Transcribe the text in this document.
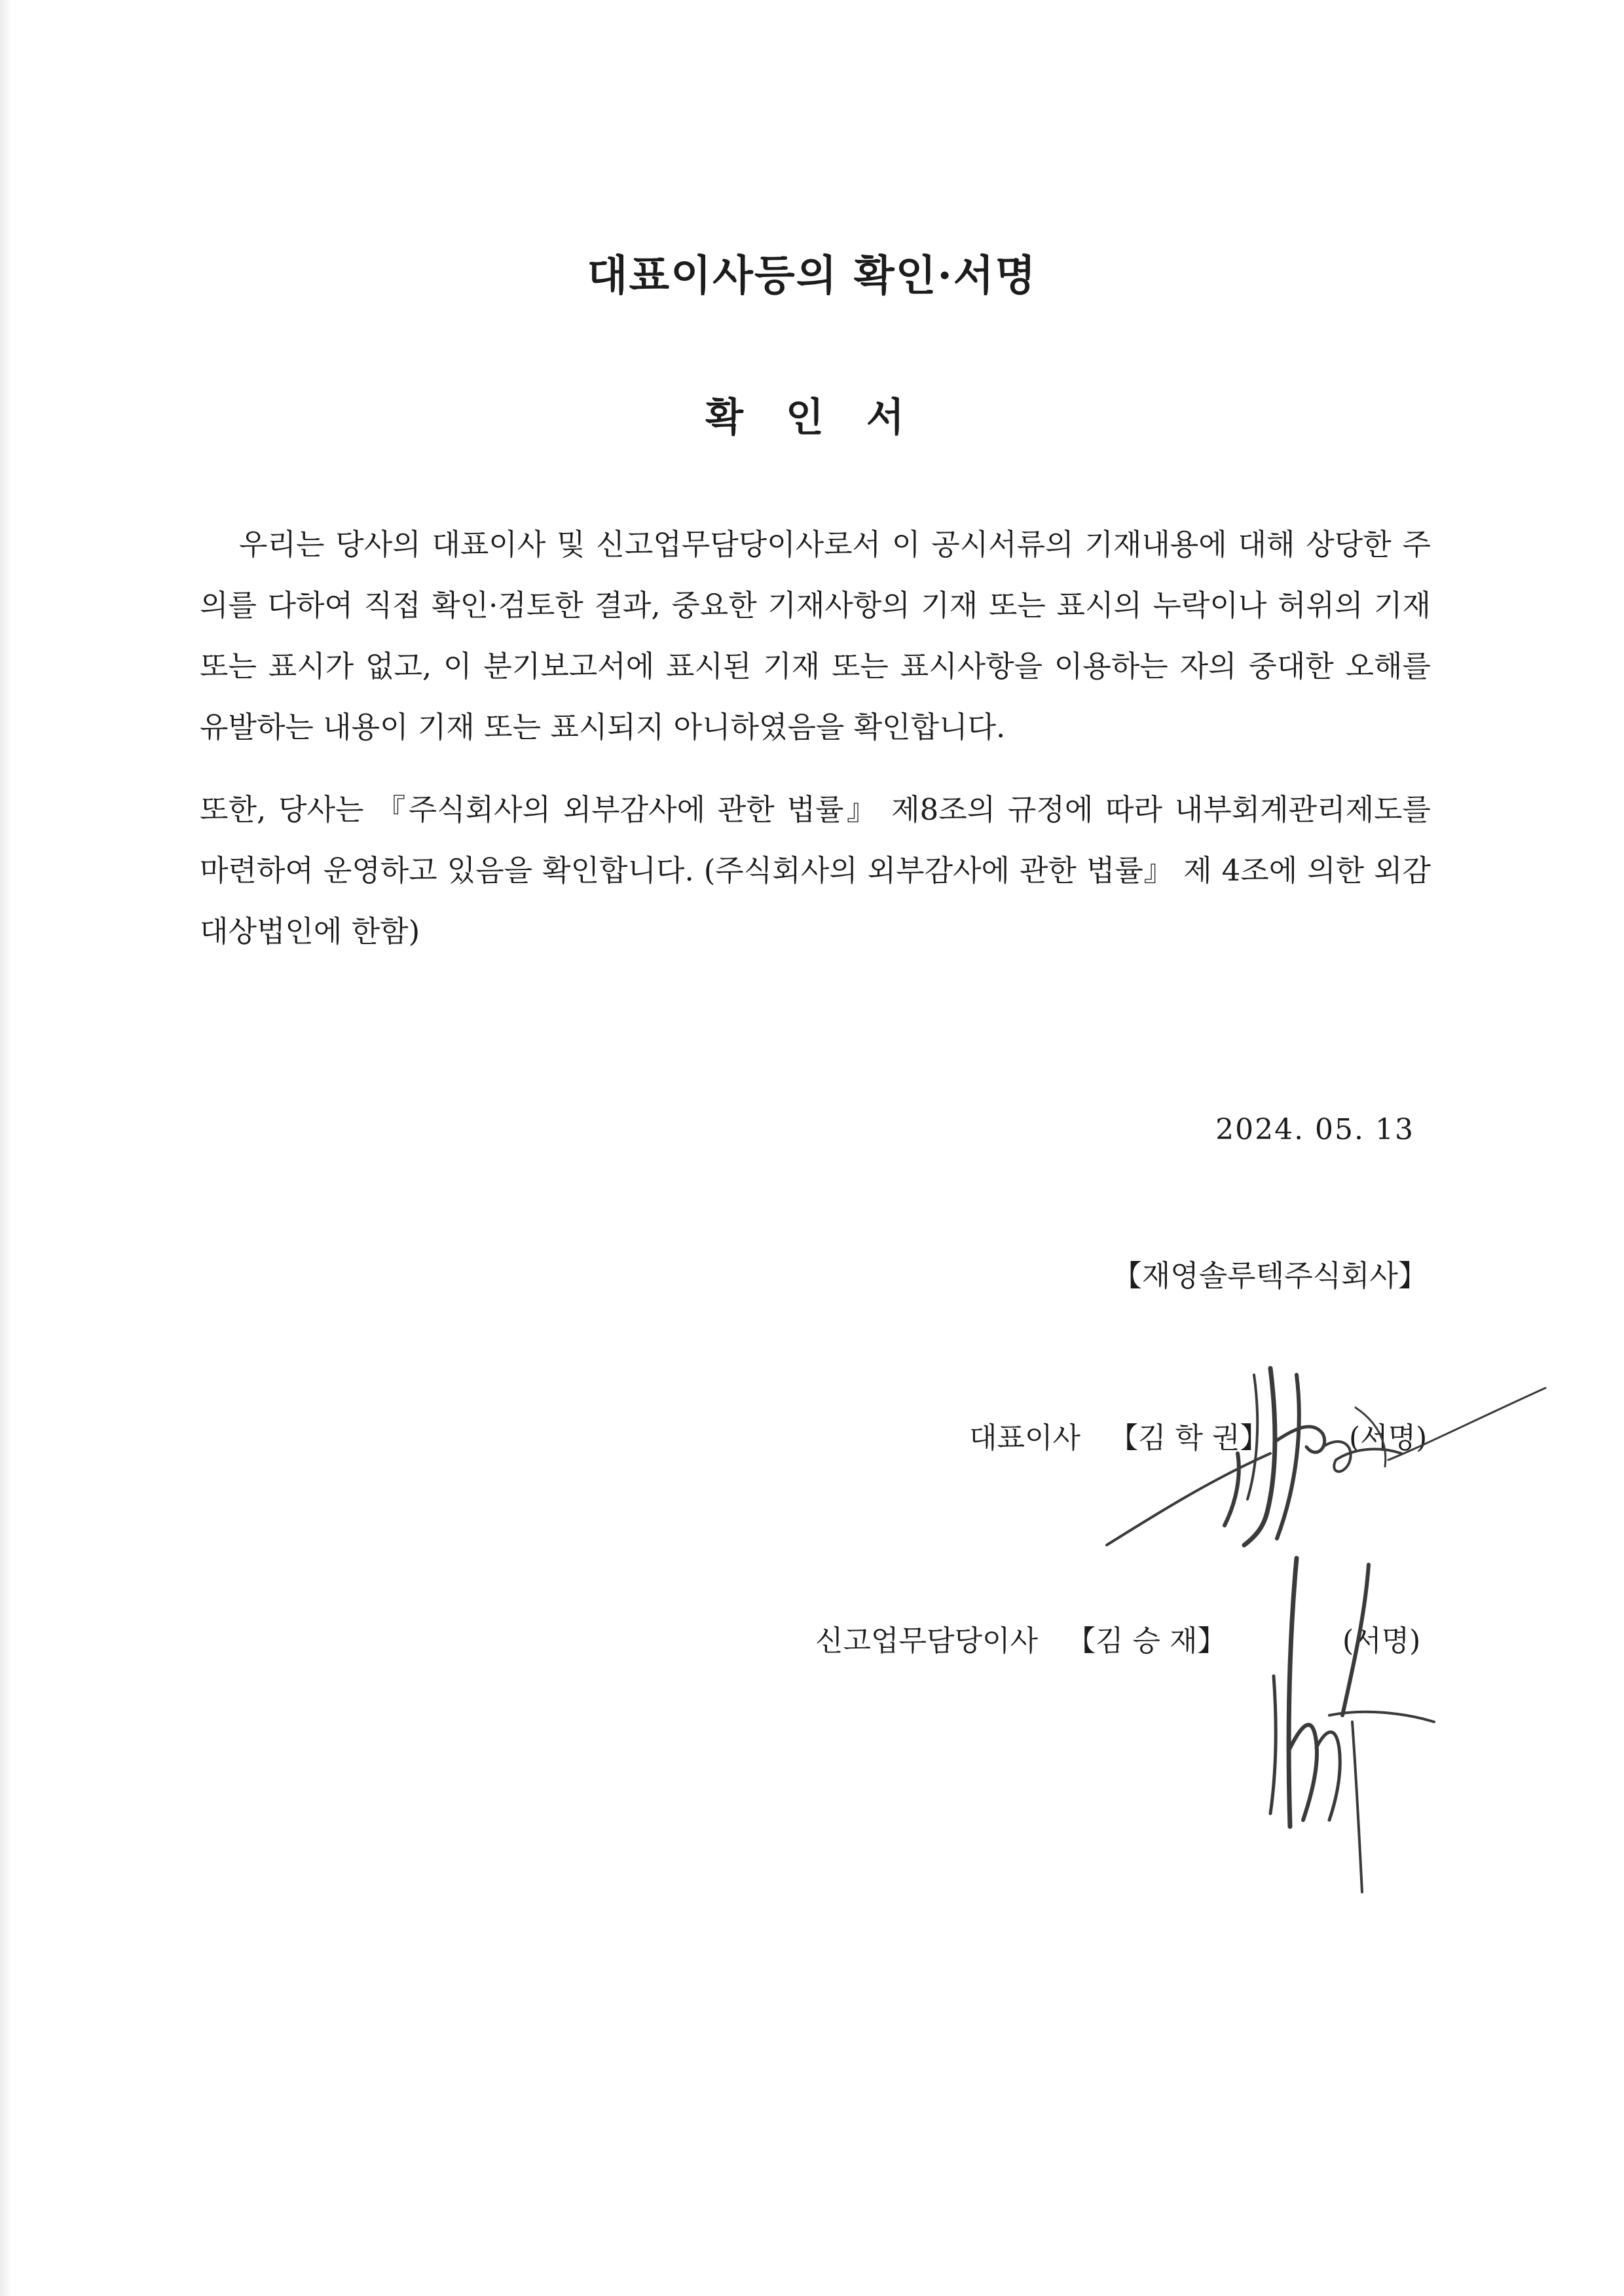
대표이사등의 확인·서명
확 인 서

우리는 당사의 대표이사 및 신고업무담당이사로서 이 공시서류의 기재내용에 대해 상당한 주의를 다하여 직접 확인·검토한 결과, 중요한 기재사항의 기재 또는 표시의 누락이나 허위의 기재 또는 표시가 없고, 이 분기보고서에 표시된 기재 또는 표시사항을 이용하는 자의 중대한 오해를 유발하는 내용이 기재 또는 표시되지 아니하였음을 확인합니다.

또한, 당사는 『주식회사의 외부감사에 관한 법률』 제8조의 규정에 따라 내부회계관리제도를 마련하여 운영하고 있음을 확인합니다. (주식회사의 외부감사에 관한 법률』 제 4조에 의한 외감대상법인에 한함)

2024. 05. 13

【재영솔루텍주식회사】

대표이사 【김 학 권】	(서명)
신고업무담당이사 【김 승 재】	(서명)
